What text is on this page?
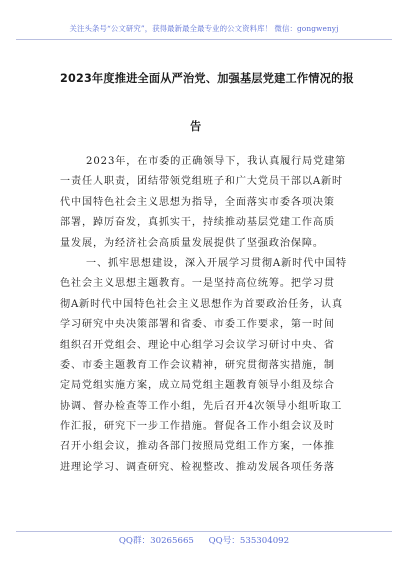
关注头条号“公文研究”，获得最新最全最专业的公文资料库！ 微信：gongwenyj
2023年度推进全面从严治党、加强基层党建工作情况的报
告
2023年，在市委的正确领导下，我认真履行局党建第
一责任人职责，团结带领党组班子和广大党员干部以A新时
代中国特色社会主义思想为指导，全面落实市委各项决策
部署，踔厉奋发，真抓实干，持续推动基层党建工作高质
量发展，为经济社会高质量发展提供了坚强政治保障。
一、抓牢思想建设，深入开展学习贯彻A新时代中国特
色社会主义思想主题教育。一是坚持高位统筹。把学习贯
彻A新时代中国特色社会主义思想作为首要政治任务，认真
学习研究中央决策部署和省委、市委工作要求，第一时间
组织召开党组会、理论中心组学习会议学习研讨中央、省
委、市委主题教育工作会议精神，研究贯彻落实措施，制
定局党组实施方案，成立局党组主题教育领导小组及综合
协调、督办检查等工作小组，先后召开4次领导小组听取工
作汇报，研究下一步工作措施。督促各工作小组会议及时
召开小组会议，推动各部门按照局党组工作方案，一体推
进理论学习、调查研究、检视整改、推动发展各项任务落
QQ群：30265665 QQ号：535304092
